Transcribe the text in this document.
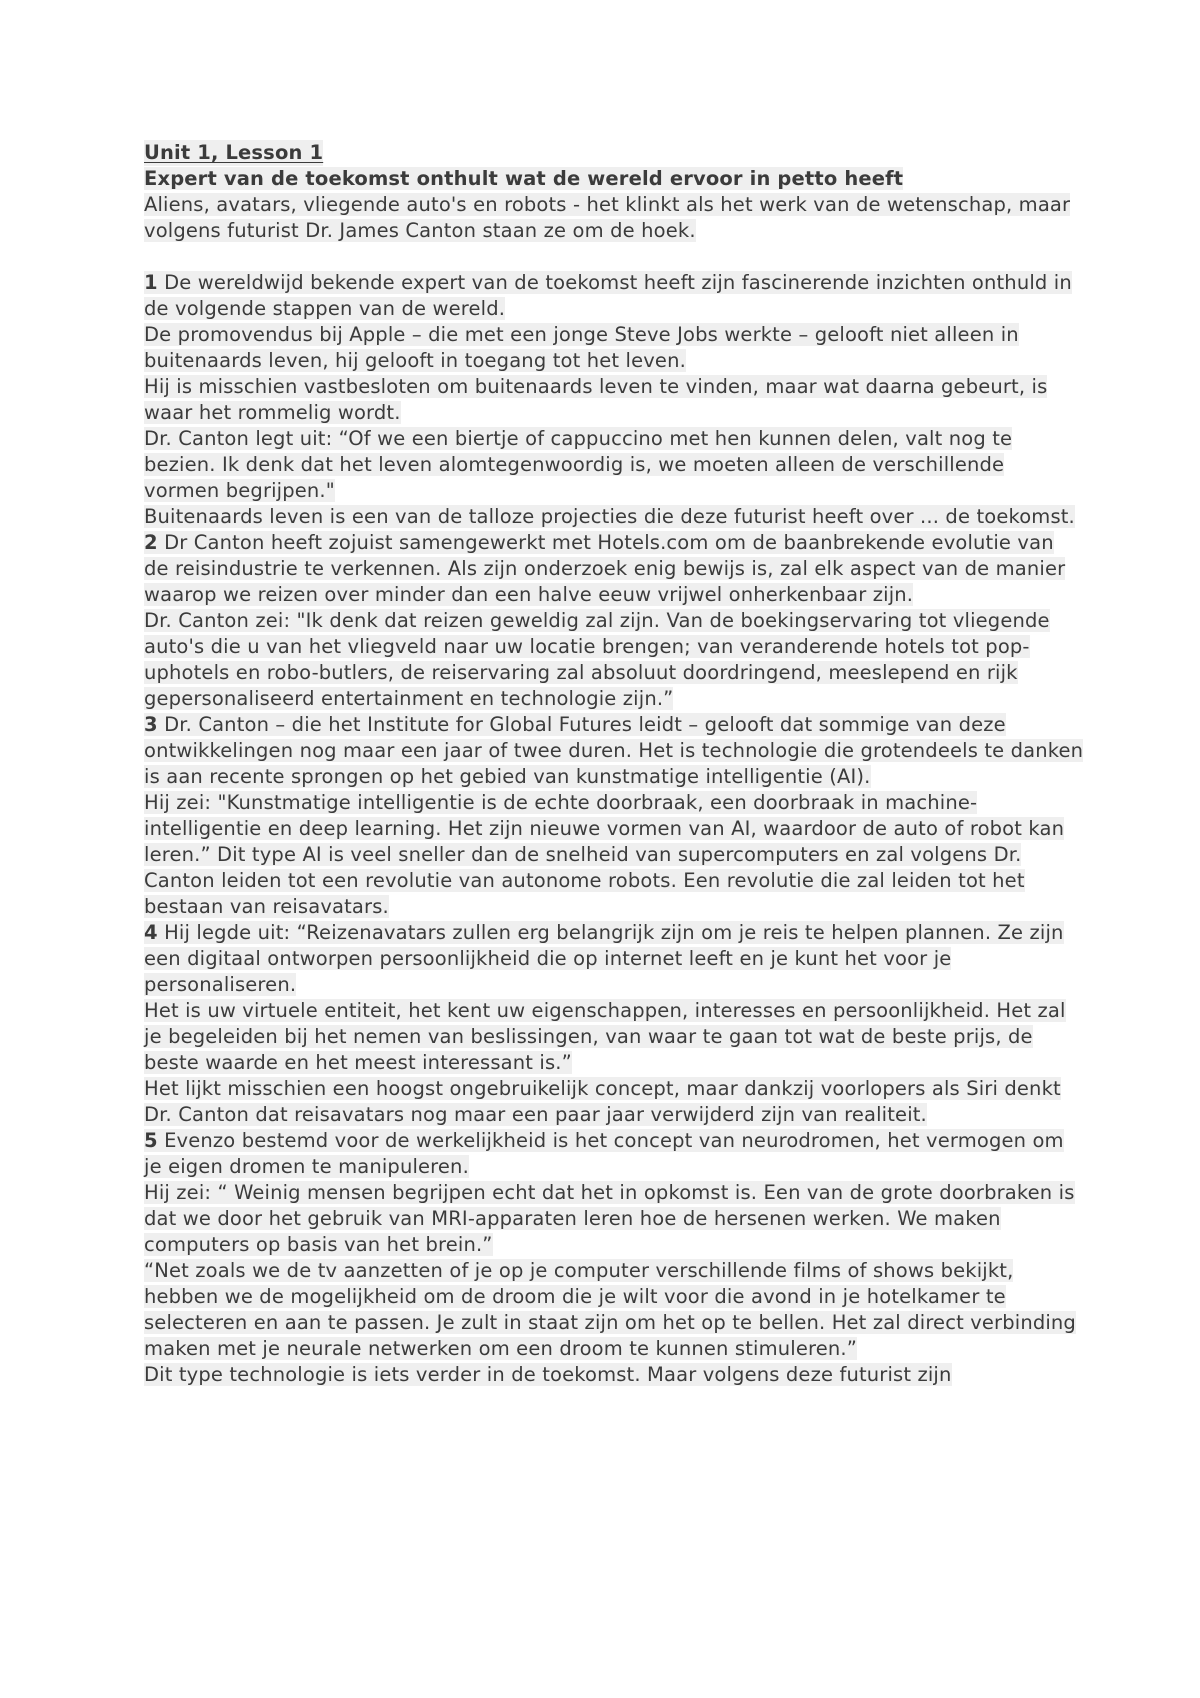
Unit 1, Lesson 1
Expert van de toekomst onthult wat de wereld ervoor in petto heeft
Aliens, avatars, vliegende auto's en robots - het klinkt als het werk van de wetenschap, maar volgens futurist Dr. James Canton staan ze om de hoek.
1 De wereldwijd bekende expert van de toekomst heeft zijn fascinerende inzichten onthuld in de volgende stappen van de wereld.
De promovendus bij Apple – die met een jonge Steve Jobs werkte – gelooft niet alleen in buitenaards leven, hij gelooft in toegang tot het leven.
Hij is misschien vastbesloten om buitenaards leven te vinden, maar wat daarna gebeurt, is waar het rommelig wordt.
Dr. Canton legt uit: “Of we een biertje of cappuccino met hen kunnen delen, valt nog te bezien. Ik denk dat het leven alomtegenwoordig is, we moeten alleen de verschillende vormen begrijpen."
Buitenaards leven is een van de talloze projecties die deze futurist heeft over ... de toekomst.
2 Dr Canton heeft zojuist samengewerkt met Hotels.com om de baanbrekende evolutie van de reisindustrie te verkennen. Als zijn onderzoek enig bewijs is, zal elk aspect van de manier waarop we reizen over minder dan een halve eeuw vrijwel onherkenbaar zijn.
Dr. Canton zei: "Ik denk dat reizen geweldig zal zijn. Van de boekingservaring tot vliegende auto's die u van het vliegveld naar uw locatie brengen; van veranderende hotels tot pop-uphotels en robo-butlers, de reiservaring zal absoluut doordringend, meeslepend en rijk gepersonaliseerd entertainment en technologie zijn.”
3 Dr. Canton – die het Institute for Global Futures leidt – gelooft dat sommige van deze ontwikkelingen nog maar een jaar of twee duren. Het is technologie die grotendeels te danken is aan recente sprongen op het gebied van kunstmatige intelligentie (AI).
Hij zei: "Kunstmatige intelligentie is de echte doorbraak, een doorbraak in machine-intelligentie en deep learning. Het zijn nieuwe vormen van AI, waardoor de auto of robot kan leren.” Dit type AI is veel sneller dan de snelheid van supercomputers en zal volgens Dr. Canton leiden tot een revolutie van autonome robots. Een revolutie die zal leiden tot het bestaan van reisavatars.
4 Hij legde uit: “Reizenavatars zullen erg belangrijk zijn om je reis te helpen plannen. Ze zijn een digitaal ontworpen persoonlijkheid die op internet leeft en je kunt het voor je personaliseren.
Het is uw virtuele entiteit, het kent uw eigenschappen, interesses en persoonlijkheid. Het zal je begeleiden bij het nemen van beslissingen, van waar te gaan tot wat de beste prijs, de beste waarde en het meest interessant is.”
Het lijkt misschien een hoogst ongebruikelijk concept, maar dankzij voorlopers als Siri denkt Dr. Canton dat reisavatars nog maar een paar jaar verwijderd zijn van realiteit.
5 Evenzo bestemd voor de werkelijkheid is het concept van neurodromen, het vermogen om je eigen dromen te manipuleren.
Hij zei: “ Weinig mensen begrijpen echt dat het in opkomst is. Een van de grote doorbraken is dat we door het gebruik van MRI-apparaten leren hoe de hersenen werken. We maken computers op basis van het brein.”
“Net zoals we de tv aanzetten of je op je computer verschillende films of shows bekijkt, hebben we de mogelijkheid om de droom die je wilt voor die avond in je hotelkamer te selecteren en aan te passen. Je zult in staat zijn om het op te bellen. Het zal direct verbinding maken met je neurale netwerken om een droom te kunnen stimuleren.”
Dit type technologie is iets verder in de toekomst. Maar volgens deze futurist zijn
